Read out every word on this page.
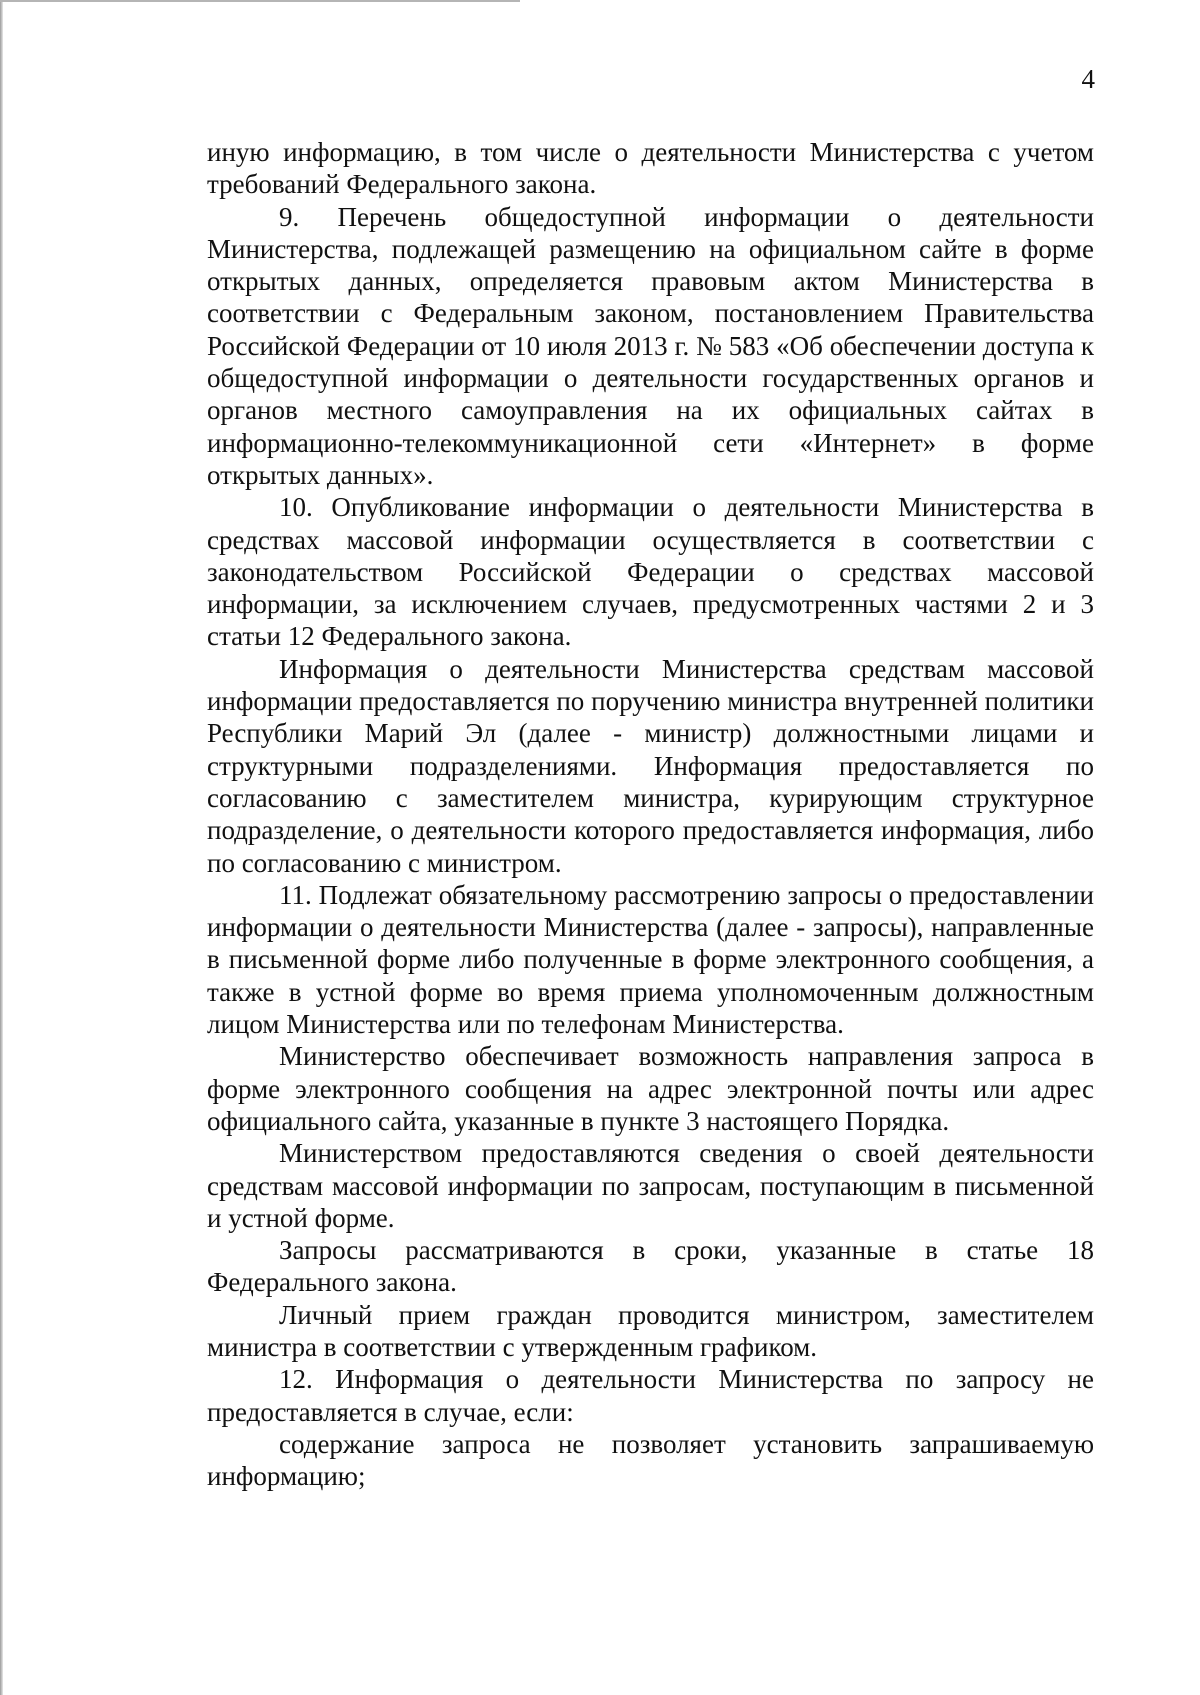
4

иную информацию, в том числе о деятельности Министерства с учетом требований Федерального закона.

9. Перечень общедоступной информации о деятельности Министерства, подлежащей размещению на официальном сайте в форме открытых данных, определяется правовым актом Министерства в соответствии с Федеральным законом, постановлением Правительства Российской Федерации от 10 июля 2013 г. № 583 «Об обеспечении доступа к общедоступной информации о деятельности государственных органов и органов местного самоуправления на их официальных сайтах в информационно-телекоммуникационной сети «Интернет» в форме открытых данных».

10. Опубликование информации о деятельности Министерства в средствах массовой информации осуществляется в соответствии с законодательством Российской Федерации о средствах массовой информации, за исключением случаев, предусмотренных частями 2 и 3 статьи 12 Федерального закона.

Информация о деятельности Министерства средствам массовой информации предоставляется по поручению министра внутренней политики Республики Марий Эл (далее - министр) должностными лицами и структурными подразделениями. Информация предоставляется по согласованию с заместителем министра, курирующим структурное подразделение, о деятельности которого предоставляется информация, либо по согласованию с министром.

11. Подлежат обязательному рассмотрению запросы о предоставлении информации о деятельности Министерства (далее - запросы), направленные в письменной форме либо полученные в форме электронного сообщения, а также в устной форме во время приема уполномоченным должностным лицом Министерства или по телефонам Министерства.

Министерство обеспечивает возможность направления запроса в форме электронного сообщения на адрес электронной почты или адрес официального сайта, указанные в пункте 3 настоящего Порядка.

Министерством предоставляются сведения о своей деятельности средствам массовой информации по запросам, поступающим в письменной и устной форме.

Запросы рассматриваются в сроки, указанные в статье 18 Федерального закона.

Личный прием граждан проводится министром, заместителем министра в соответствии с утвержденным графиком.

12. Информация о деятельности Министерства по запросу не предоставляется в случае, если:

содержание запроса не позволяет установить запрашиваемую информацию;
